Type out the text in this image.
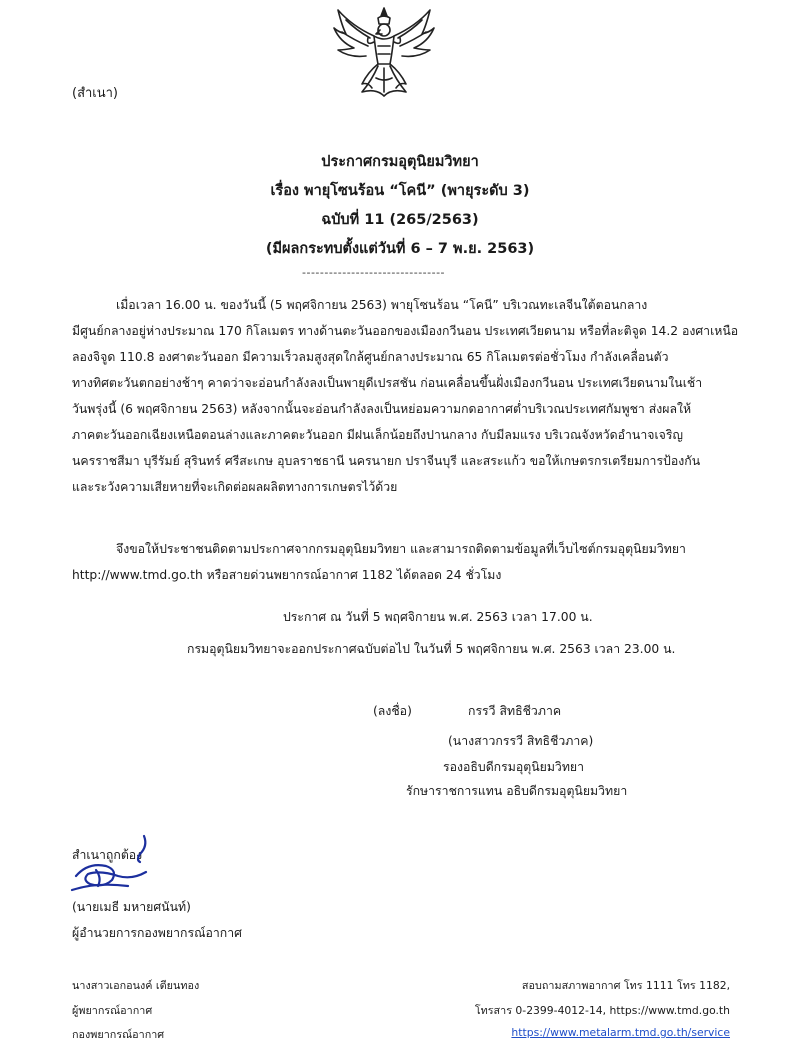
(สำเนา)
ประกาศกรมอุตุนิยมวิทยา
เรื่อง พายุโซนร้อน “โคนี” (พายุระดับ 3)
ฉบับที่ 11 (265/2563)
(มีผลกระทบตั้งแต่วันที่ 6 – 7 พ.ย. 2563)
--------------------------------
เมื่อเวลา 16.00 น. ของวันนี้ (5 พฤศจิกายน 2563) พายุโซนร้อน “โคนี” บริเวณทะเลจีนใต้ตอนกลาง
มีศูนย์กลางอยู่ห่างประมาณ 170 กิโลเมตร ทางด้านตะวันออกของเมืองกวีนอน ประเทศเวียดนาม หรือที่ละติจูด 14.2 องศาเหนือ
ลองจิจูด 110.8 องศาตะวันออก มีความเร็วลมสูงสุดใกล้ศูนย์กลางประมาณ 65 กิโลเมตรต่อชั่วโมง กำลังเคลื่อนตัว
ทางทิศตะวันตกอย่างช้าๆ คาดว่าจะอ่อนกำลังลงเป็นพายุดีเปรสชัน ก่อนเคลื่อนขึ้นฝั่งเมืองกวีนอน ประเทศเวียดนามในเช้า
วันพรุ่งนี้ (6 พฤศจิกายน 2563) หลังจากนั้นจะอ่อนกำลังลงเป็นหย่อมความกดอากาศต่ำบริเวณประเทศกัมพูชา ส่งผลให้
ภาคตะวันออกเฉียงเหนือตอนล่างและภาคตะวันออก มีฝนเล็กน้อยถึงปานกลาง กับมีลมแรง บริเวณจังหวัดอำนาจเจริญ
นครราชสีมา บุรีรัมย์ สุรินทร์ ศรีสะเกษ อุบลราชธานี นครนายก ปราจีนบุรี และสระแก้ว ขอให้เกษตรกรเตรียมการป้องกัน
และระวังความเสียหายที่จะเกิดต่อผลผลิตทางการเกษตรไว้ด้วย
จึงขอให้ประชาชนติดตามประกาศจากกรมอุตุนิยมวิทยา และสามารถติดตามข้อมูลที่เว็บไซต์กรมอุตุนิยมวิทยา
http://www.tmd.go.th หรือสายด่วนพยากรณ์อากาศ 1182 ได้ตลอด 24 ชั่วโมง
ประกาศ ณ วันที่ 5 พฤศจิกายน พ.ศ. 2563 เวลา 17.00 น.
กรมอุตุนิยมวิทยาจะออกประกาศฉบับต่อไป ในวันที่ 5 พฤศจิกายน พ.ศ. 2563 เวลา 23.00 น.
(ลงชื่อ)	กรรวี สิทธิชีวภาค
(นางสาวกรรวี สิทธิชีวภาค)
รองอธิบดีกรมอุตุนิยมวิทยา
รักษาราชการแทน อธิบดีกรมอุตุนิยมวิทยา
สำเนาถูกต้อง
(นายเมธี มหายศนันท์)
ผู้อำนวยการกองพยากรณ์อากาศ
นางสาวเอกอนงค์ เตียนทอง
ผู้พยากรณ์อากาศ
กองพยากรณ์อากาศ
สอบถามสภาพอากาศ โทร 1111 โทร 1182,
โทรสาร 0-2399-4012-14, https://www.tmd.go.th
https://www.metalarm.tmd.go.th/service
